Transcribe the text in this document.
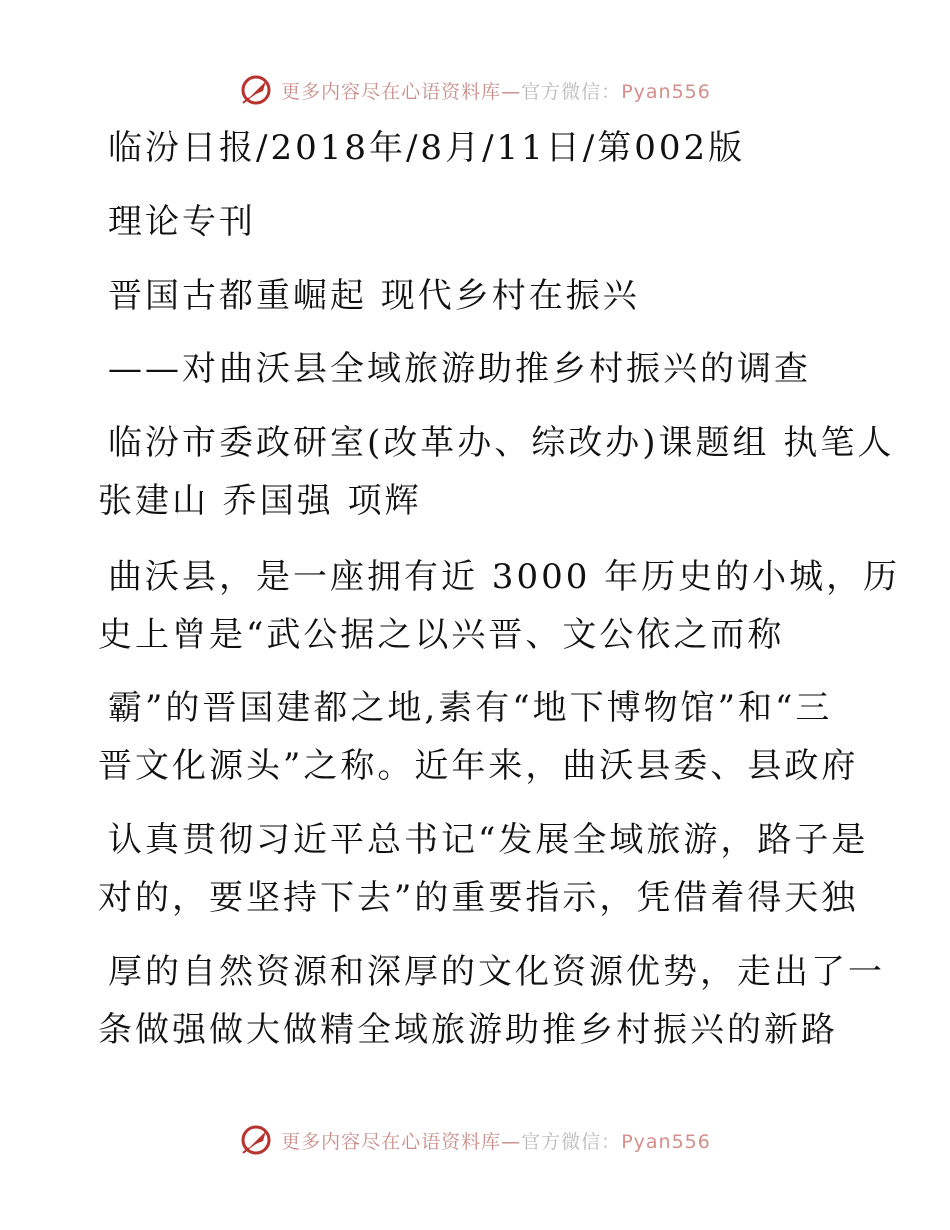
更多内容尽在心语资料库—官方微信：Pyan556
临汾日报/2018年/8月/11日/第002版
理论专刊
晋国古都重崛起 现代乡村在振兴
——对曲沃县全域旅游助推乡村振兴的调查
临汾市委政研室(改革办、综改办)课题组 执笔人
张建山 乔国强 项辉
曲沃县，是一座拥有近 3000 年历史的小城，历
史上曾是“武公据之以兴晋、文公依之而称
霸”的晋国建都之地,素有“地下博物馆”和“三
晋文化源头”之称。近年来，曲沃县委、县政府
认真贯彻习近平总书记“发展全域旅游，路子是
对的，要坚持下去”的重要指示，凭借着得天独
厚的自然资源和深厚的文化资源优势，走出了一
条做强做大做精全域旅游助推乡村振兴的新路
更多内容尽在心语资料库—官方微信：Pyan556
